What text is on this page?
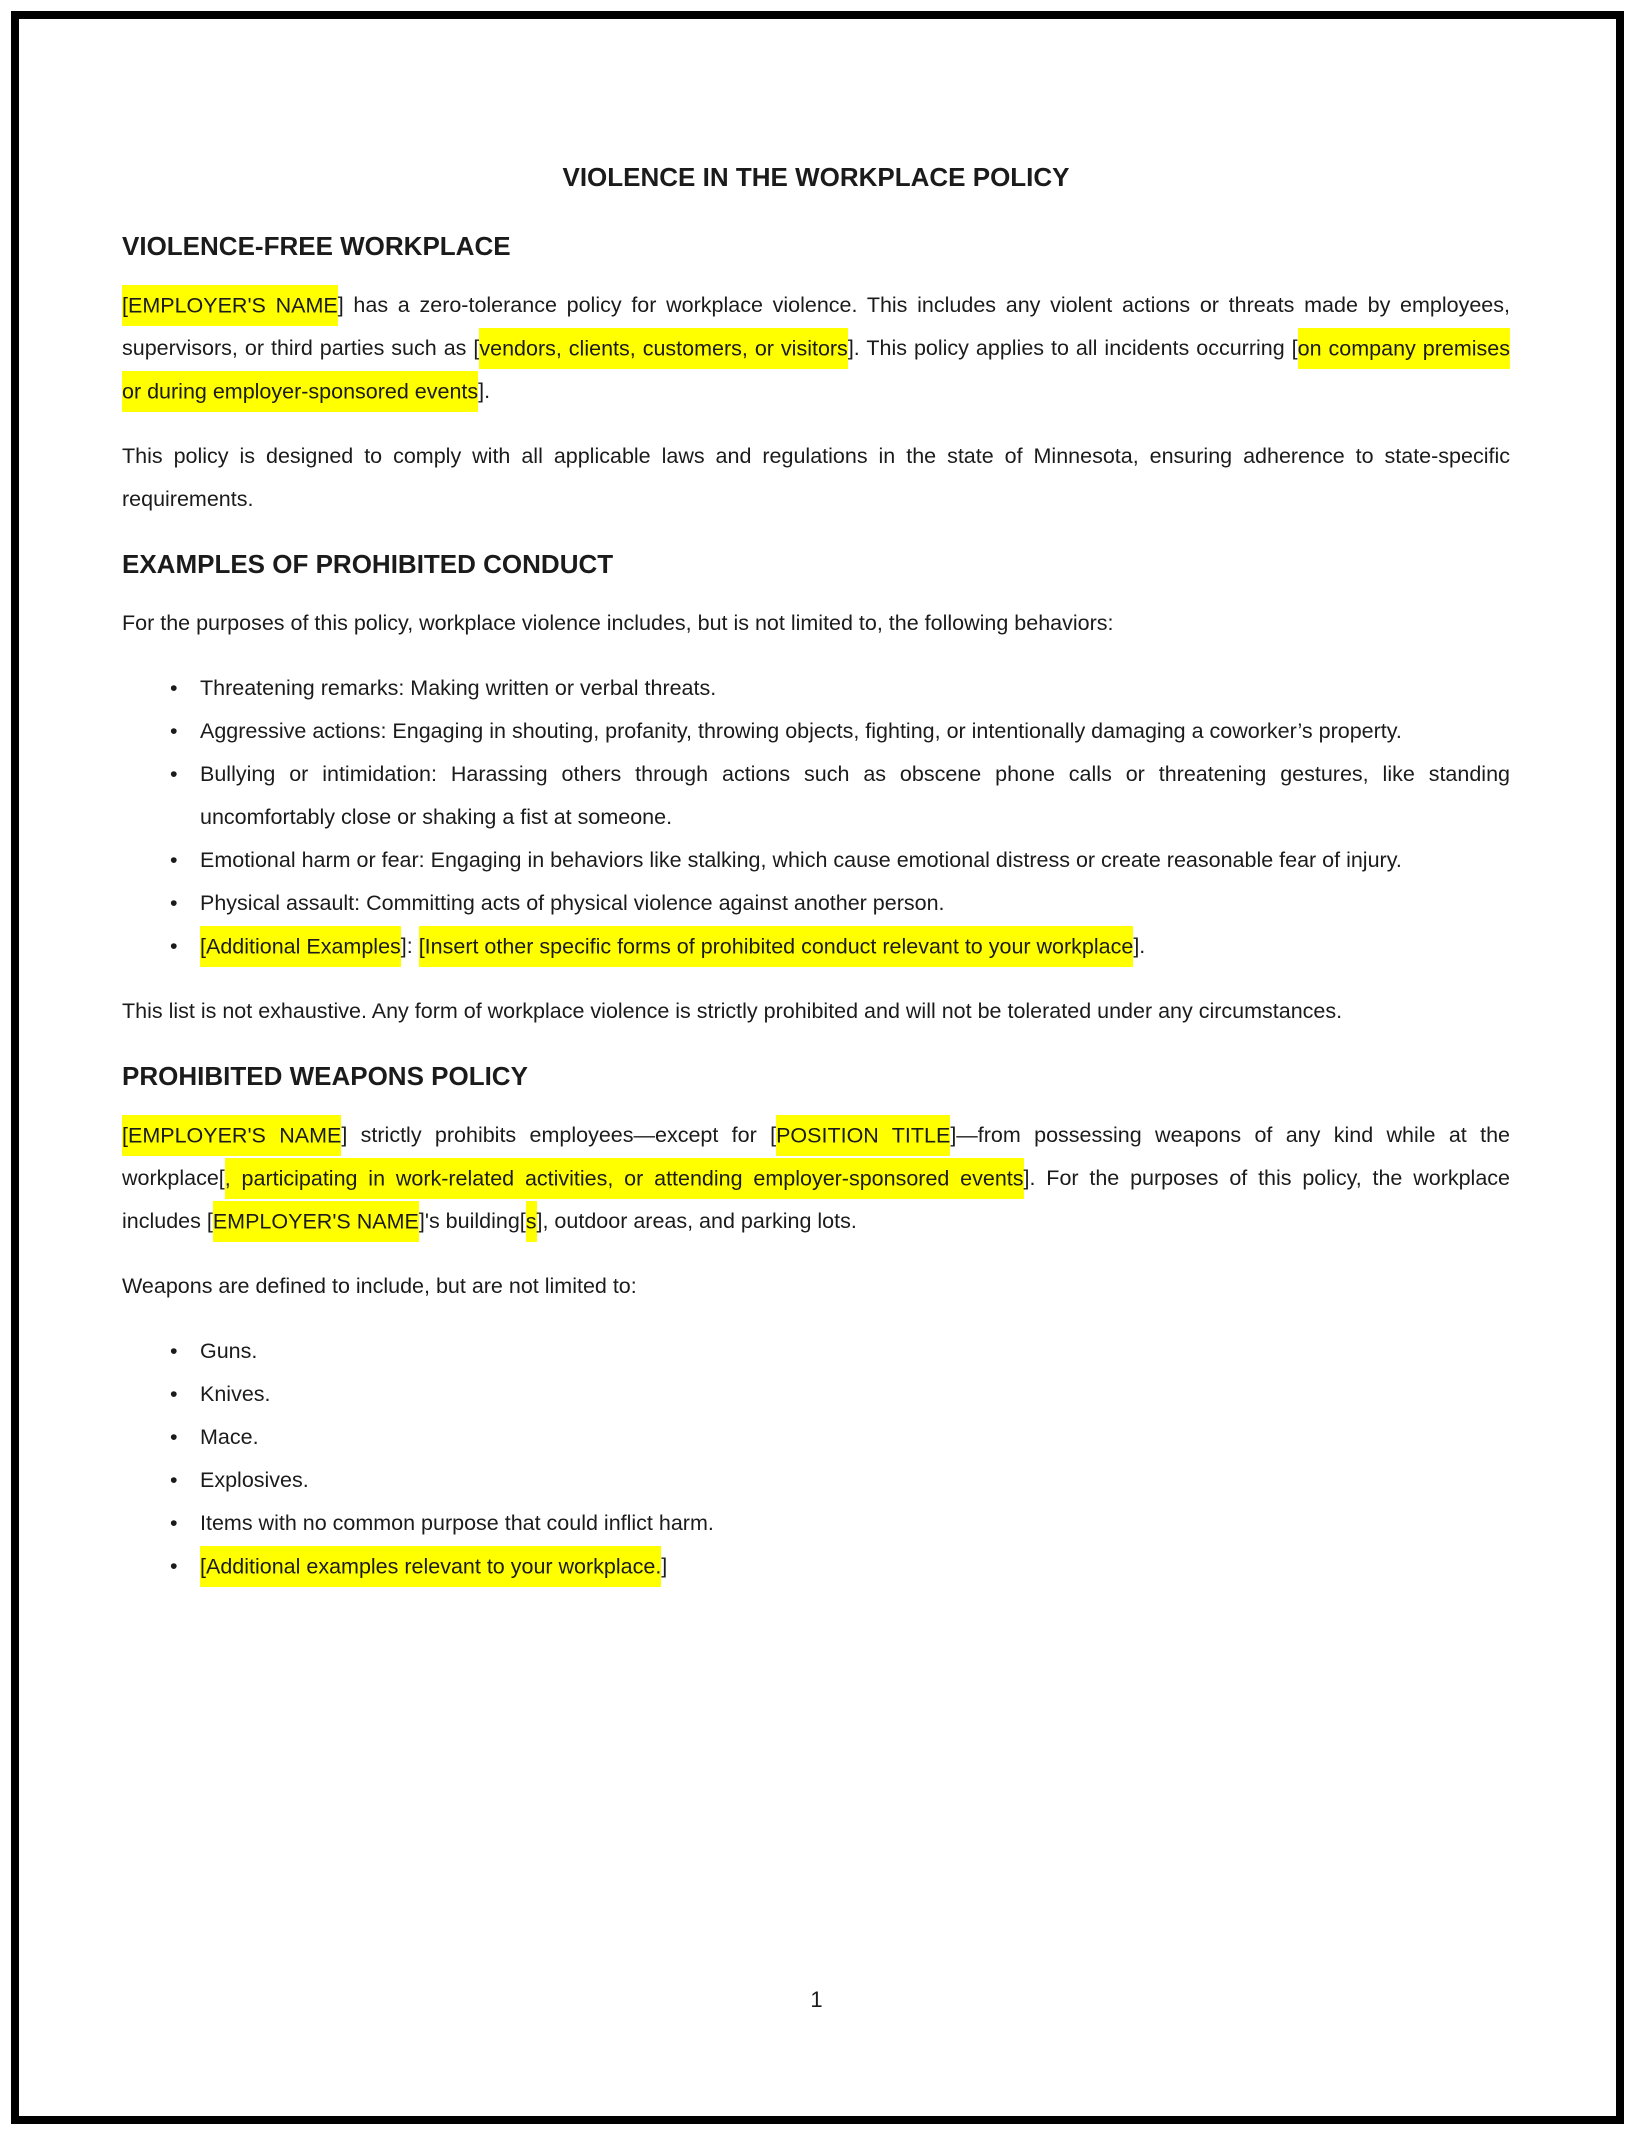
VIOLENCE IN THE WORKPLACE POLICY
VIOLENCE-FREE WORKPLACE

[EMPLOYER'S NAME] has a zero-tolerance policy for workplace violence. This includes any violent actions or threats made by employees, supervisors, or third parties such as [vendors, clients, customers, or visitors]. This policy applies to all incidents occurring [on company premises or during employer-sponsored events].

This policy is designed to comply with all applicable laws and regulations in the state of Minnesota, ensuring adherence to state-specific requirements.

EXAMPLES OF PROHIBITED CONDUCT

For the purposes of this policy, workplace violence includes, but is not limited to, the following behaviors:

•	Threatening remarks: Making written or verbal threats.
•	Aggressive actions: Engaging in shouting, profanity, throwing objects, fighting, or intentionally damaging a coworker’s property.
•	Bullying or intimidation: Harassing others through actions such as obscene phone calls or threatening gestures, like standing uncomfortably close or shaking a fist at someone.
•	Emotional harm or fear: Engaging in behaviors like stalking, which cause emotional distress or create reasonable fear of injury.
•	Physical assault: Committing acts of physical violence against another person.
•	[Additional Examples]: [Insert other specific forms of prohibited conduct relevant to your workplace].

This list is not exhaustive. Any form of workplace violence is strictly prohibited and will not be tolerated under any circumstances.

PROHIBITED WEAPONS POLICY

[EMPLOYER'S NAME] strictly prohibits employees—except for [POSITION TITLE]—from possessing weapons of any kind while at the workplace[, participating in work-related activities, or attending employer-sponsored events]. For the purposes of this policy, the workplace includes [EMPLOYER'S NAME]'s building[s], outdoor areas, and parking lots.

Weapons are defined to include, but are not limited to:

•	Guns.
•	Knives.
•	Mace.
•	Explosives.
•	Items with no common purpose that could inflict harm.
•	[Additional examples relevant to your workplace.]
1
